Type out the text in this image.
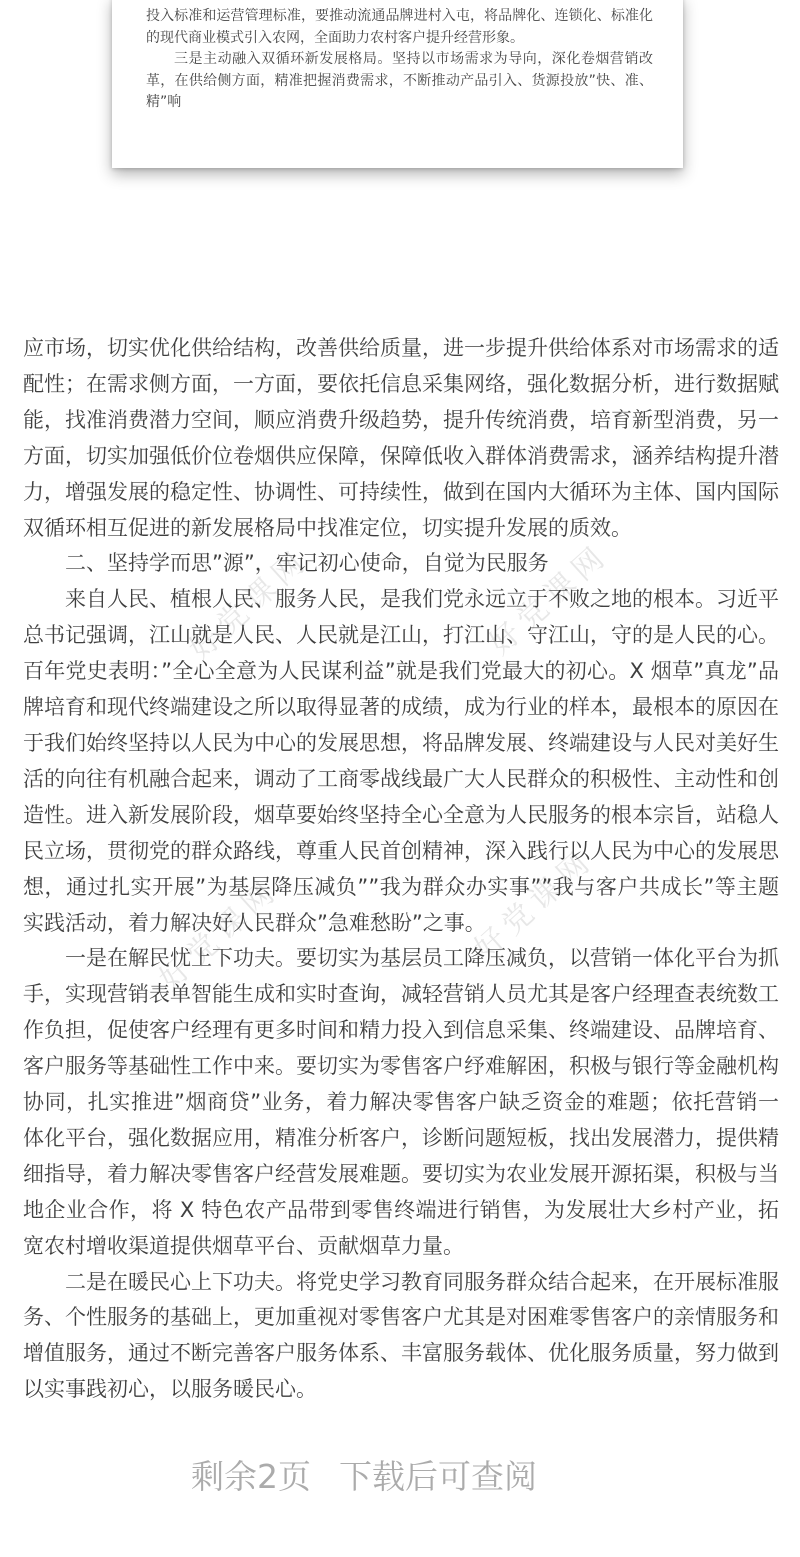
好党课网	好党课网
好党课网	好党课网

投入标准和运营管理标准，要推动流通品牌进村入屯，将品牌化、连锁化、标准化的现代商业模式引入农网，全面助力农村客户提升经营形象。

三是主动融入双循环新发展格局。坚持以市场需求为导向，深化卷烟营销改革，在供给侧方面，精准把握消费需求，不断推动产品引入、货源投放”快、准、精”响

应市场，切实优化供给结构，改善供给质量，进一步提升供给体系对市场需求的适配性；在需求侧方面，一方面，要依托信息采集网络，强化数据分析，进行数据赋能，找准消费潜力空间，顺应消费升级趋势，提升传统消费，培育新型消费，另一方面，切实加强低价位卷烟供应保障，保障低收入群体消费需求，涵养结构提升潜力，增强发展的稳定性、协调性、可持续性，做到在国内大循环为主体、国内国际双循环相互促进的新发展格局中找准定位，切实提升发展的质效。

二、坚持学而思”源”，牢记初心使命，自觉为民服务

来自人民、植根人民、服务人民，是我们党永远立于不败之地的根本。习近平总书记强调，江山就是人民、人民就是江山，打江山、守江山，守的是人民的心。百年党史表明：”全心全意为人民谋利益”就是我们党最大的初心。X 烟草”真龙”品牌培育和现代终端建设之所以取得显著的成绩，成为行业的样本，最根本的原因在于我们始终坚持以人民为中心的发展思想，将品牌发展、终端建设与人民对美好生活的向往有机融合起来，调动了工商零战线最广大人民群众的积极性、主动性和创造性。进入新发展阶段，烟草要始终坚持全心全意为人民服务的根本宗旨，站稳人民立场，贯彻党的群众路线，尊重人民首创精神，深入践行以人民为中心的发展思想，通过扎实开展”为基层降压减负””我为群众办实事””我与客户共成长”等主题实践活动，着力解决好人民群众”急难愁盼”之事。

一是在解民忧上下功夫。要切实为基层员工降压减负，以营销一体化平台为抓手，实现营销表单智能生成和实时查询，减轻营销人员尤其是客户经理查表统数工作负担，促使客户经理有更多时间和精力投入到信息采集、终端建设、品牌培育、客户服务等基础性工作中来。要切实为零售客户纾难解困，积极与银行等金融机构协同，扎实推进”烟商贷”业务，着力解决零售客户缺乏资金的难题；依托营销一体化平台，强化数据应用，精准分析客户，诊断问题短板，找出发展潜力，提供精细指导，着力解决零售客户经营发展难题。要切实为农业发展开源拓渠，积极与当地企业合作，将 X 特色农产品带到零售终端进行销售，为发展壮大乡村产业，拓宽农村增收渠道提供烟草平台、贡献烟草力量。

二是在暖民心上下功夫。将党史学习教育同服务群众结合起来，在开展标准服务、个性服务的基础上，更加重视对零售客户尤其是对困难零售客户的亲情服务和增值服务，通过不断完善客户服务体系、丰富服务载体、优化服务质量，努力做到以实事践初心，以服务暖民心。

剩余2页 下载后可查阅
